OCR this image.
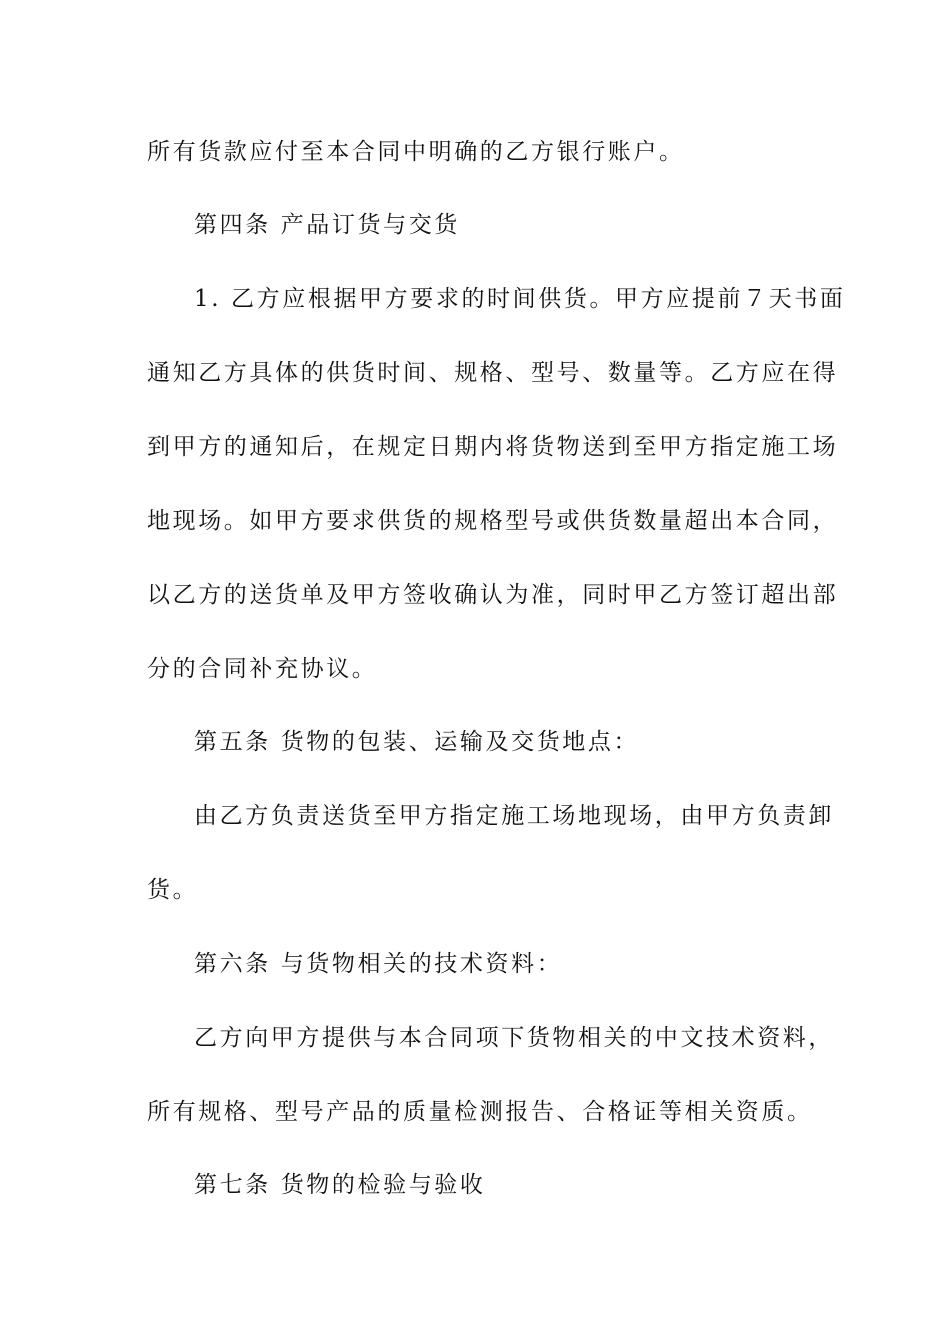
所有货款应付至本合同中明确的乙方银行账户。
第四条 产品订货与交货
1. 乙方应根据甲方要求的时间供货。甲方应提前７天书面
通知乙方具体的供货时间、规格、型号、数量等。乙方应在得
到甲方的通知后，在规定日期内将货物送到至甲方指定施工场
地现场。如甲方要求供货的规格型号或供货数量超出本合同，
以乙方的送货单及甲方签收确认为准，同时甲乙方签订超出部
分的合同补充协议。
第五条 货物的包装、运输及交货地点：
由乙方负责送货至甲方指定施工场地现场，由甲方负责卸
货。
第六条 与货物相关的技术资料：
乙方向甲方提供与本合同项下货物相关的中文技术资料，
所有规格、型号产品的质量检测报告、合格证等相关资质。
第七条 货物的检验与验收
